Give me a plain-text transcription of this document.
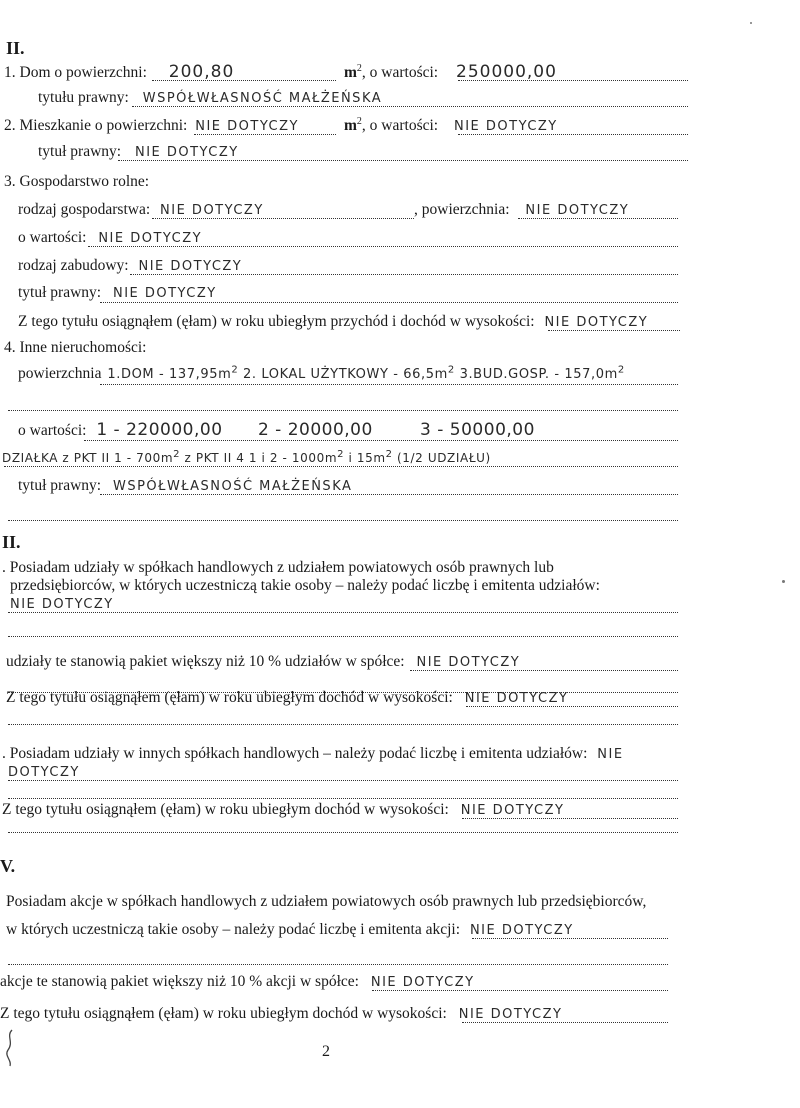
II.
1. Dom o powierzchni: 200,80	$m^2$, o wartości: 250000,00
tytułu prawny: WSPÓŁWŁASNOŚĆ MAŁŻEŃSKA
2. Mieszkanie o powierzchni: NIE DOTYCZY	$m^2$, o wartości: NIE DOTYCZY
tytuł prawny: NIE DOTYCZY
3. Gospodarstwo rolne:
rodzaj gospodarstwa: NIE DOTYCZY	, powierzchnia: NIE DOTYCZY
o wartości: NIE DOTYCZY
rodzaj zabudowy: NIE DOTYCZY
tytuł prawny: NIE DOTYCZY
Z tego tytułu osiągnąłem (ęłam) w roku ubiegłym przychód i dochód w wysokości: NIE DOTYCZY
4. Inne nieruchomości:
powierzchnia $1.DOM - 137,95m^2$ 2. LOKAL UŻYTKOWY - $66,5m^2$ 3.BUD.GOSP. - $157,0m^2$
o wartości: 1 - 220000,00      2 - 20000,00        3 - 50000,00
DZIAŁKA z PKT II $1 - 700m^2$ z PKT II 4 1 i $2 - 1000m^2$ i $15m^2$ (1/2 UDZIAŁU)
tytuł prawny: WSPÓŁWŁASNOŚĆ MAŁŻEŃSKA
II.
. Posiadam udziały w spółkach handlowych z udziałem powiatowych osób prawnych lub
przedsiębiorców, w których uczestniczą takie osoby – należy podać liczbę i emitenta udziałów:
NIE DOTYCZY
udziały te stanowią pakiet większy niż 10 % udziałów w spółce: NIE DOTYCZY
Z tego tytułu osiągnąłem (ęłam) w roku ubiegłym dochód w wysokości: NIE DOTYCZY
. Posiadam udziały w innych spółkach handlowych – należy podać liczbę i emitenta udziałów: NIE
DOTYCZY
Z tego tytułu osiągnąłem (ęłam) w roku ubiegłym dochód w wysokości: NIE DOTYCZY
V.
Posiadam akcje w spółkach handlowych z udziałem powiatowych osób prawnych lub przedsiębiorców,
w których uczestniczą takie osoby – należy podać liczbę i emitenta akcji: NIE DOTYCZY
akcje te stanowią pakiet większy niż 10 % akcji w spółce: NIE DOTYCZY
Z tego tytułu osiągnąłem (ęłam) w roku ubiegłym dochód w wysokości: NIE DOTYCZY
2
